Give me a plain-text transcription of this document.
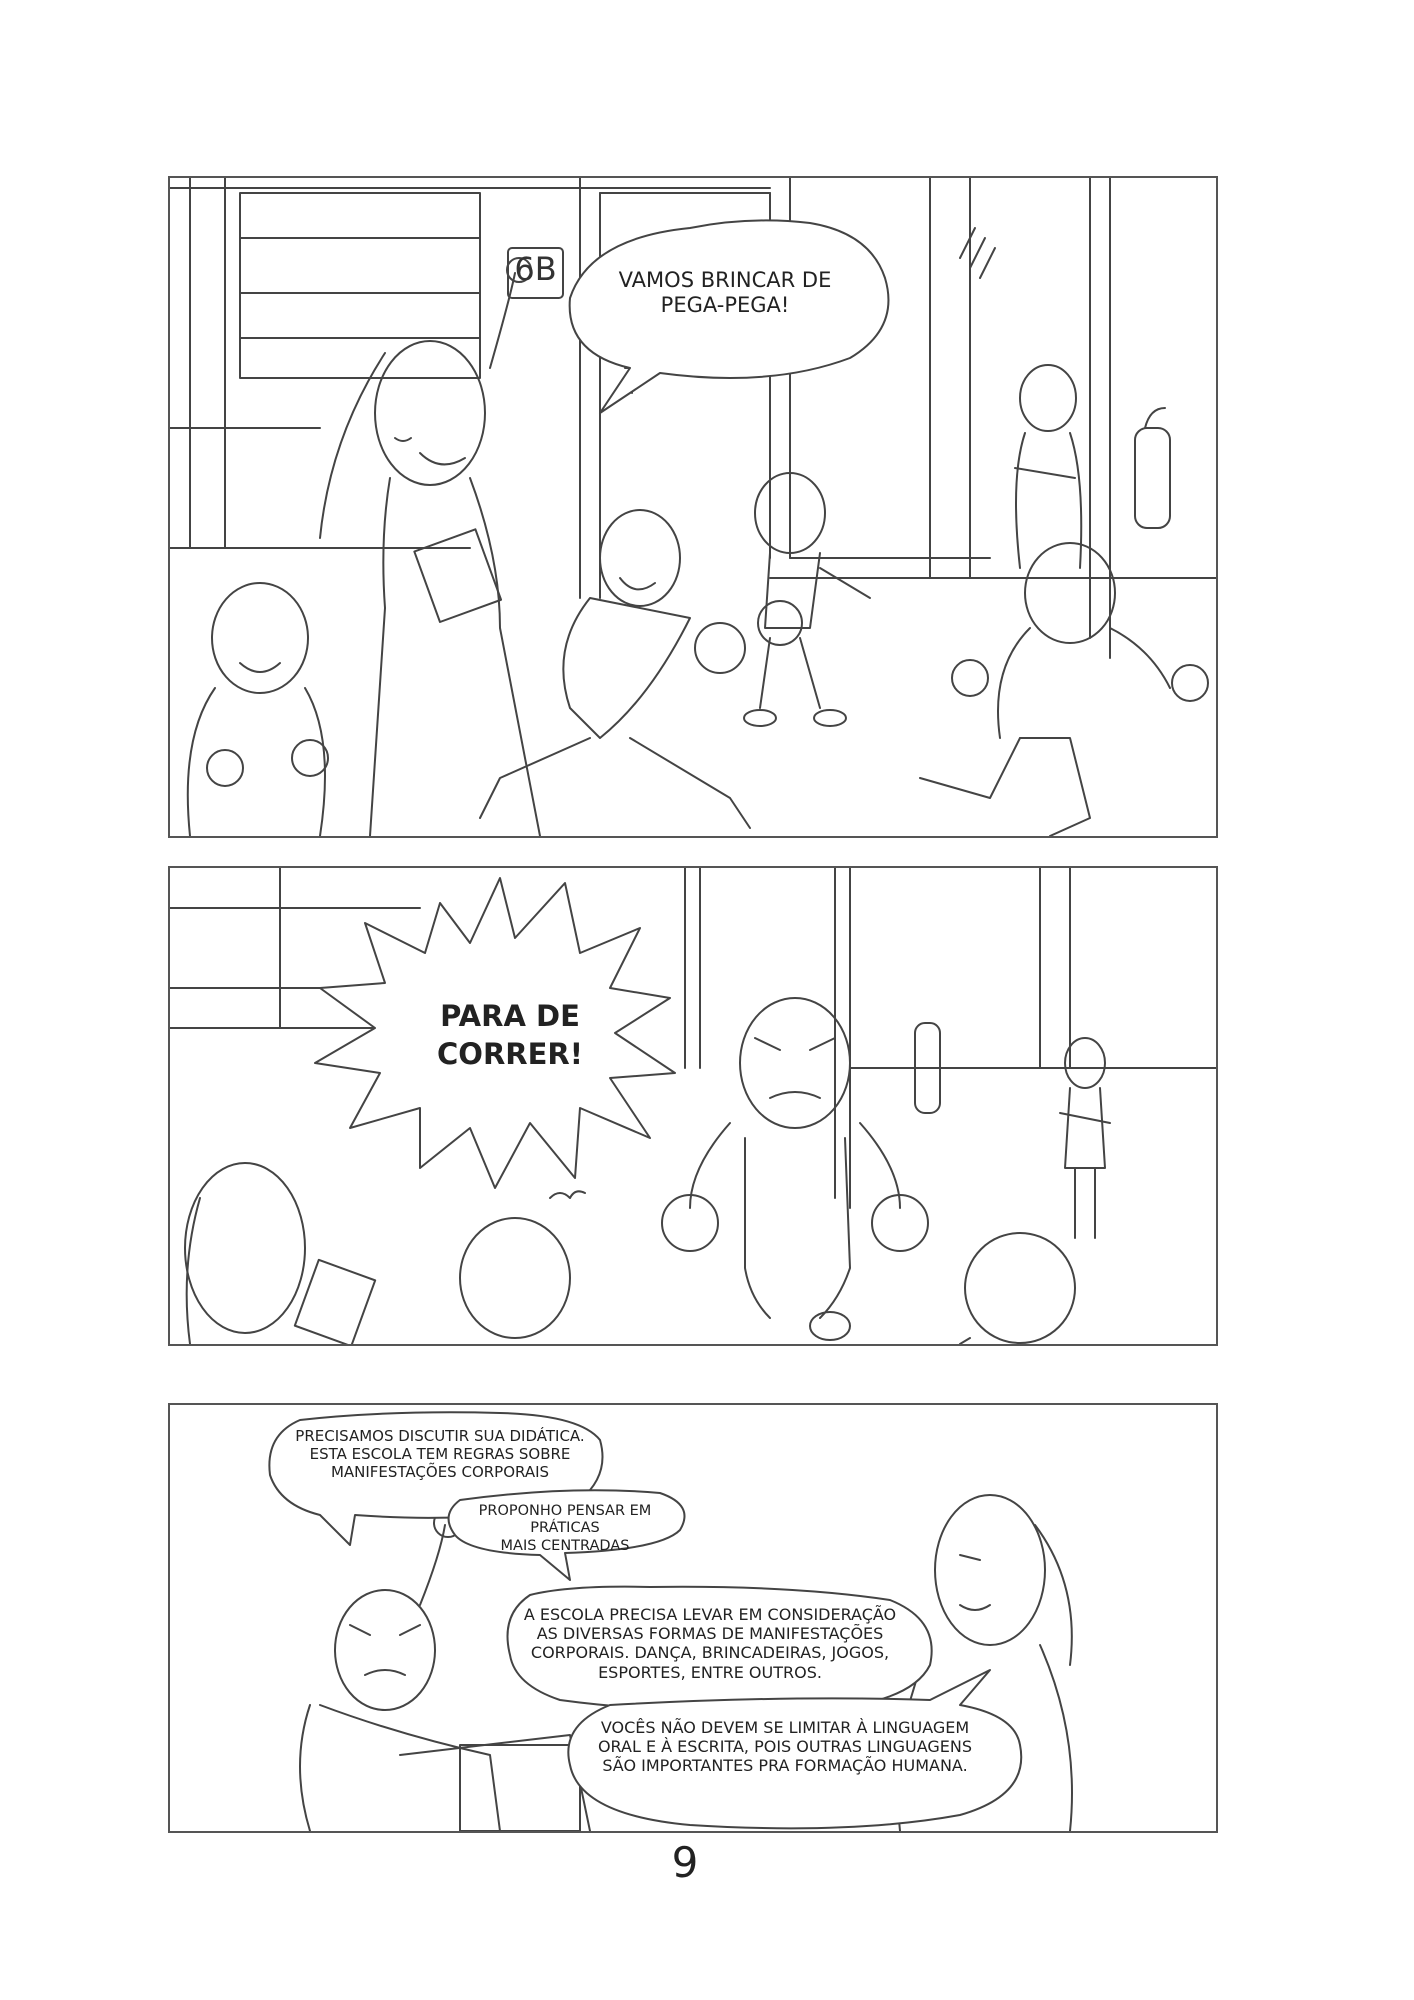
VAMOS BRINCAR DE
PEGA-PEGA!
6B
PARA DE
CORRER!
PRECISAMOS DISCUTIR SUA DIDÁTICA.
ESTA ESCOLA TEM REGRAS SOBRE
MANIFESTAÇÕES CORPORAIS
PROPONHO PENSAR EM PRÁTICAS
MAIS CENTRADAS
A ESCOLA PRECISA LEVAR EM CONSIDERAÇÃO
AS DIVERSAS FORMAS DE MANIFESTAÇÕES
CORPORAIS. DANÇA, BRINCADEIRAS, JOGOS,
ESPORTES, ENTRE OUTROS.
VOCÊS NÃO DEVEM SE LIMITAR À LINGUAGEM
ORAL E À ESCRITA, POIS OUTRAS LINGUAGENS
SÃO IMPORTANTES PRA FORMAÇÃO HUMANA.
9
